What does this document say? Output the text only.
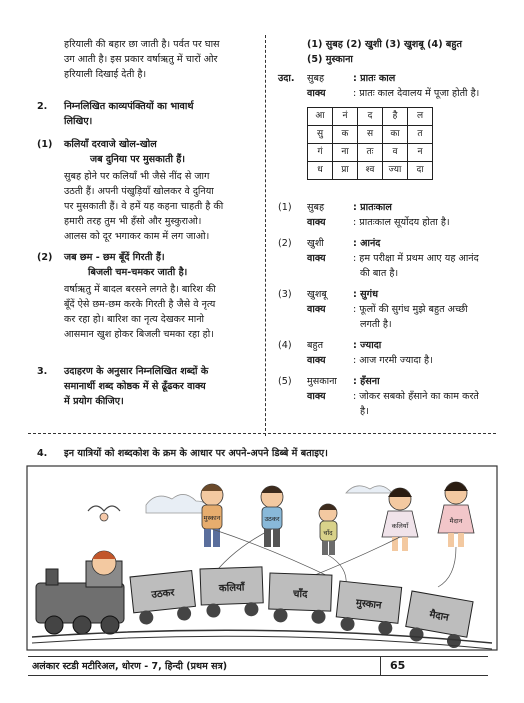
हरियाली की बहार छा जाती है। पर्वत पर घास
उग आती है। इस प्रकार वर्षाऋतु में चारों ओर
हरियाली दिखाई देती है।
2. निम्नलिखित काव्यपंक्तियों का भावार्थ
लिखिए।
(1) कलियाँ दरवाजे खोल-खोल
जब दुनिया पर मुसकाती हैं।
सुबह होने पर कलियाँ भी जैसे नींद से जाग
उठती हैं। अपनी पंखुड़ियाँ खोलकर वे दुनिया
पर मुसकाती हैं। वे हमें यह कहना चाहती है की
हमारी तरह तुम भी हँसो और मुस्कुराओ।
आलस को दूर भगाकर काम में लग जाओ।
(2) जब छम - छम बूँदें गिरती हैं।
बिजली चम-चमकर जाती है।
वर्षाऋतु में बादल बरसने लगते है। बारिश की
बूँदें ऐसे छम-छम करके गिरती है जैसे वे नृत्य
कर रहा हो। बारिश का नृत्य देखकर मानो
आसमान खुश होकर बिजली चमका रहा हो।
3. उदाहरण के अनुसार निम्नलिखित शब्दों के
समानार्थी शब्द कोष्ठक में से ढूँढकर वाक्य
में प्रयोग कीजिए।
(1) सुबह (2) खुशी (3) खुशबू (4) बहुत
(5) मुस्काना
उदा. सुबह	: प्रातः काल
वाक्य	: प्रातः काल देवालय में पूजा होती है।
आ	नं	द	है	ल
सु	क	स	का	त
गं	ना	तः	व	न
ध	प्रा	श्व	ज्या	दा
(1) सुबह	: प्रातःकाल
वाक्य	: प्रातःकाल सूर्योदय होता है।
(2) खुशी	: आनंद
वाक्य	: हम परीक्षा में प्रथम आए यह आनंद
की बात है।
(3) खुशबू	: सुगंध
वाक्य	: फूलों की सुगंध मुझे बहुत अच्छी
लगती है।
(4) बहुत	: ज्यादा
वाक्य	: आज गरमी ज्यादा है।
(5) मुसकाना : हँसना
वाक्य	: जोकर सबको हँसाने का काम करते
है।
4. इन यात्रियों को शब्दकोश के क्रम के आधार पर अपने-अपने डिब्बे में बताइए।
मुस्कान	उठकर
चाँद
कलियाँ
मैदान
उठकर	कलियाँ
चाँद
मुस्कान
मैदान
अलंकार स्टडी मटीरिअल, धोरण - 7, हिन्दी (प्रथम सत्र)	65
